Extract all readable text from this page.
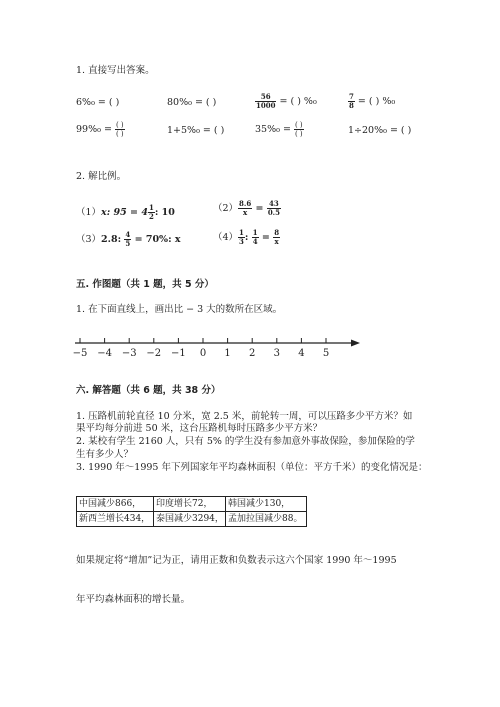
1. 直接写出答案。
6%₀ = ( )	80%₀ = ( )	$\frac{56}{1000}$ = ( ) %₀	$\frac{7}{8}$ = ( ) %₀
$99\%_0 = \frac{( )}{( )}$	1+5%₀ = ( )	$35\%_0 = \frac{( )}{( )}$	1÷20%₀ = ( )
2. 解比例。
（1）x: $95 = 4 \frac{1}{2}$ : 10	$(2) \frac{8.6}{x} = \frac{43}{0.5}$
（3）2.8: $\frac{4}{5} = 70\%$: x	$(4) \frac{1}{3}$ : $\frac{1}{4} = \frac{8}{x}$
五. 作图题（共 1 题，共 5 分）
1. 在下面直线上，画出比 − 3 大的数所在区域。
−5 −4 −3 −2 −1 0 1 2 3 4 5
六. 解答题（共 6 题，共 38 分）
1. 压路机前轮直径 10 分米，宽 2.5 米，前轮转一周，可以压路多少平方米？如
果平均每分前进 50 米，这台压路机每时压路多少平方米？
2. 某校有学生 2160 人，只有 5% 的学生没有参加意外事故保险，参加保险的学
生有多少人？
3. 1990 年～1995 年下列国家年平均森林面积（单位：平方千米）的变化情况是：
中国减少866，	印度增长72，	韩国减少130，
新西兰增长434， 泰国减少3294， 孟加拉国减少88。
如果规定将“增加”记为正，请用正数和负数表示这六个国家 1990 年～1995
年平均森林面积的增长量。
